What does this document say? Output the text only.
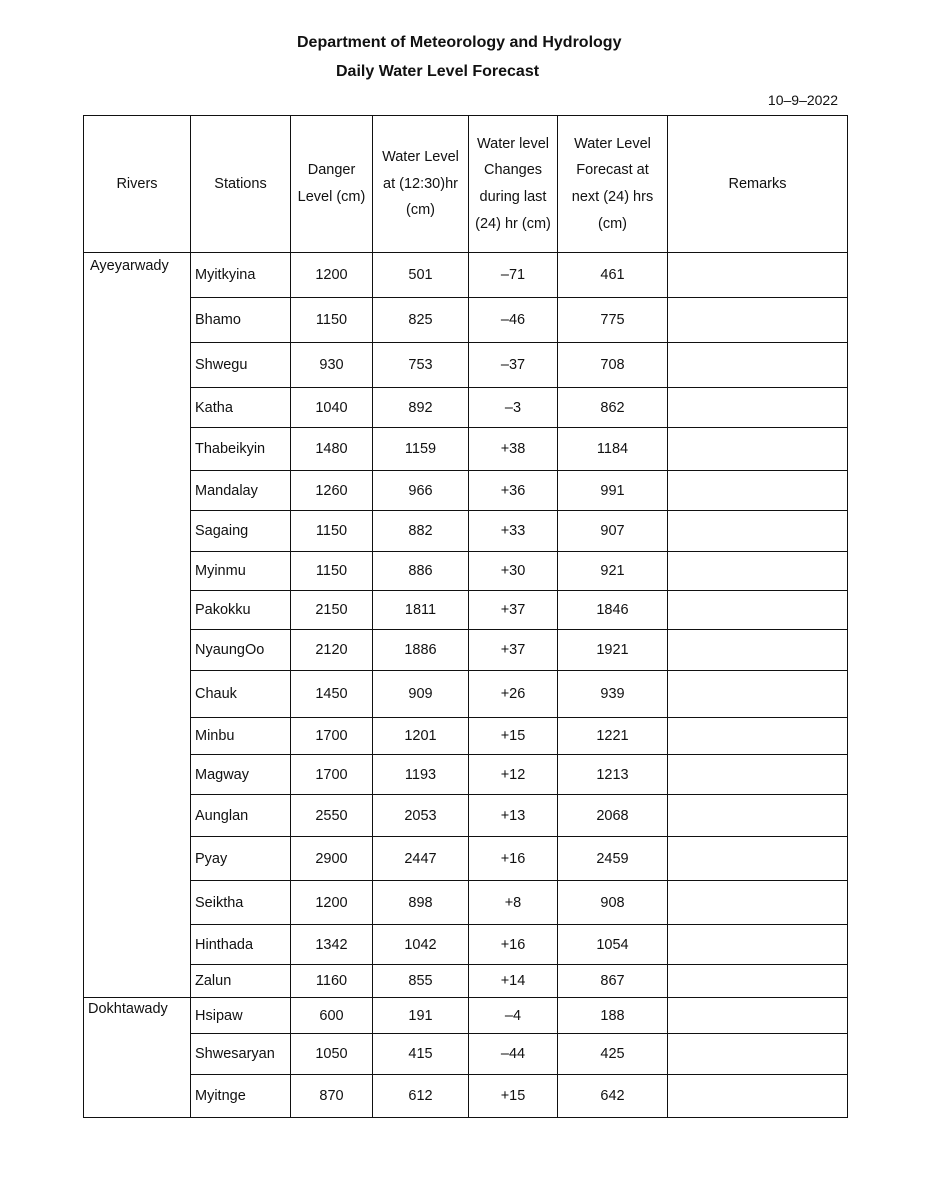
Department of Meteorology and Hydrology
Daily Water Level Forecast
10–9–2022
Rivers	Stations	Danger Level (cm)	Water Level at (12:30)hr (cm)	Water level Changes during last (24) hr (cm)	Water Level Forecast at next (24) hrs (cm)	Remarks
Ayeyarwady	Myitkyina	1200	501	–71	461	
	Bhamo	1150	825	–46	775	
	Shwegu	930	753	–37	708	
	Katha	1040	892	–3	862	
	Thabeikyin	1480	1159	+38	1184	
	Mandalay	1260	966	+36	991	
	Sagaing	1150	882	+33	907	
	Myinmu	1150	886	+30	921	
	Pakokku	2150	1811	+37	1846	
	NyaungOo	2120	1886	+37	1921	
	Chauk	1450	909	+26	939	
	Minbu	1700	1201	+15	1221	
	Magway	1700	1193	+12	1213	
	Aunglan	2550	2053	+13	2068	
	Pyay	2900	2447	+16	2459	
	Seiktha	1200	898	+8	908	
	Hinthada	1342	1042	+16	1054	
	Zalun	1160	855	+14	867	
Dokhtawady	Hsipaw	600	191	–4	188	
	Shwesaryan	1050	415	–44	425	
	Myitnge	870	612	+15	642	
